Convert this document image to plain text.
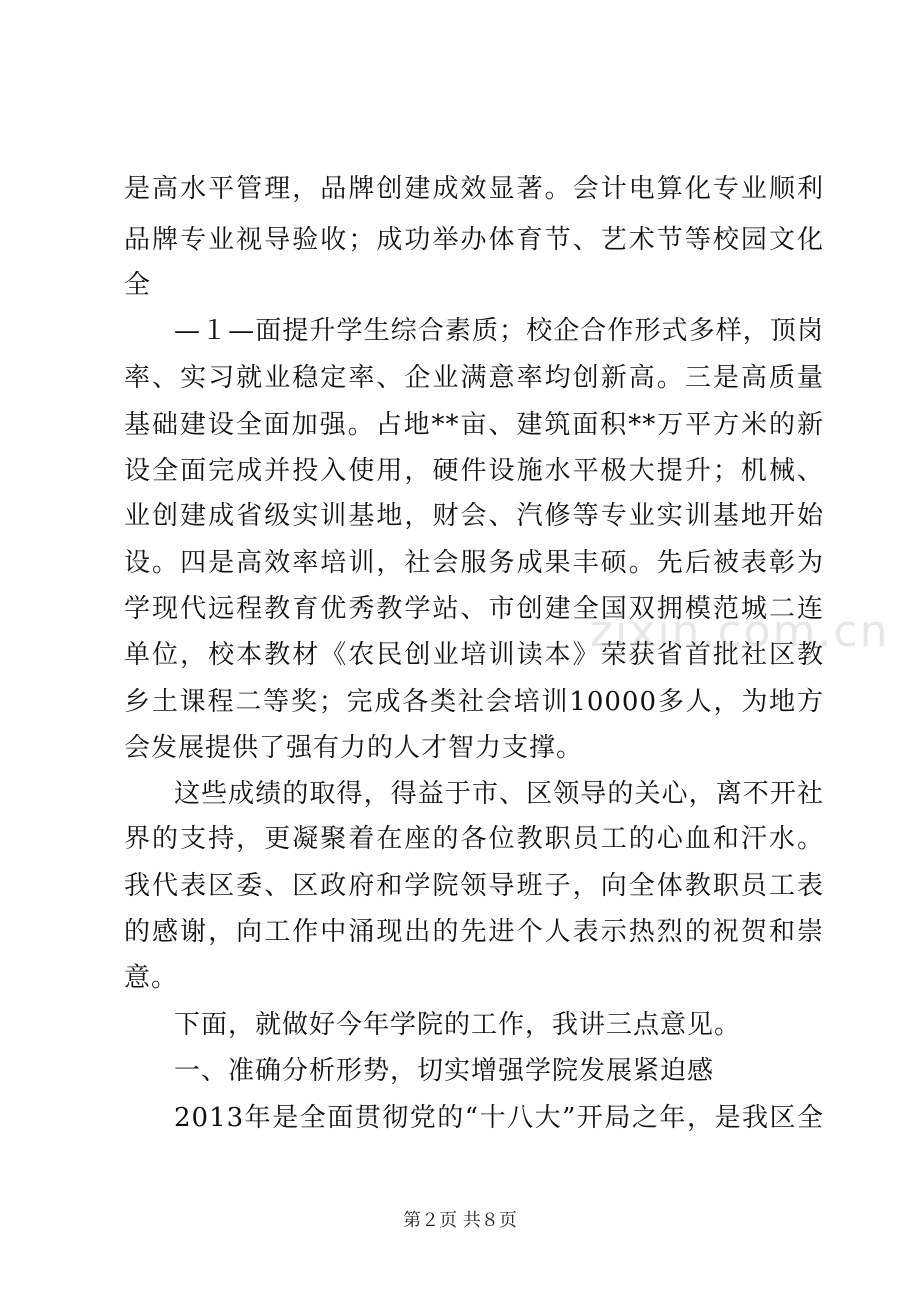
是高水平管理，品牌创建成效显著。会计电算化专业顺利
品牌专业视导验收；成功举办体育节、艺术节等校园文化
全
—１—面提升学生综合素质；校企合作形式多样，顶岗
率、实习就业稳定率、企业满意率均创新高。三是高质量
基础建设全面加强。占地**亩、建筑面积**万平方米的新
设全面完成并投入使用，硬件设施水平极大提升；机械、
业创建成省级实训基地，财会、汽修等专业实训基地开始
设。四是高效率培训，社会服务成果丰硕。先后被表彰为
学现代远程教育优秀教学站、市创建全国双拥模范城二连
单位，校本教材《农民创业培训读本》荣获省首批社区教
乡土课程二等奖；完成各类社会培训10000多人，为地方
会发展提供了强有力的人才智力支撑。
这些成绩的取得，得益于市、区领导的关心，离不开社
界的支持，更凝聚着在座的各位教职员工的心血和汗水。
我代表区委、区政府和学院领导班子，向全体教职员工表
的感谢，向工作中涌现出的先进个人表示热烈的祝贺和崇
意。
下面，就做好今年学院的工作，我讲三点意见。
一、准确分析形势，切实增强学院发展紧迫感
2013年是全面贯彻党的“十八大”开局之年，是我区全
zixin.com.cn
第２页 共８页
